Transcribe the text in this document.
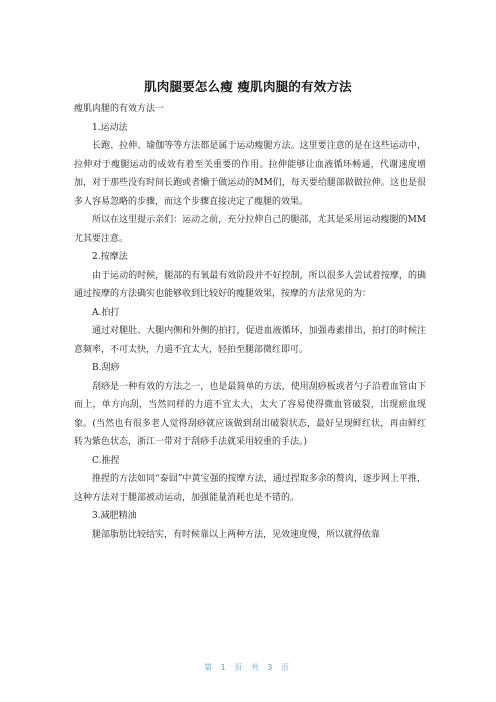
肌肉腿要怎么瘦 瘦肌肉腿的有效方法

瘦肌肉腿的有效方法一

1.运动法

长跑、拉伸、瑜伽等等方法都是属于运动瘦腿方法。这里要注意的是在这些运动中，拉伸对于瘦腿运动的成效有着至关重要的作用。拉伸能够让血液循环畅通，代谢速度增加，对于那些没有时间长跑或者懒于做运动的MM们，每天要给腿部做做拉伸。这也是很多人容易忽略的步骤，而这个步骤直接决定了瘦腿的效果。

所以在这里提示亲们：运动之前，充分拉伸自己的腿部，尤其是采用运动瘦腿的MM尤其要注意。

2.按摩法

由于运动的时候，腿部的有氧最有效阶段并不好控制，所以很多人尝试着按摩，的确通过按摩的方法确实也能够收到比较好的瘦腿效果，按摩的方法常见的为：

A.拍打

通过对腿肚、大腿内侧和外侧的拍打，促进血液循环，加强毒素排出，拍打的时候注意频率，不可太快，力道不宜太大，轻拍至腿部微红即可。

B.刮痧

刮痧是一种有效的方法之一，也是最简单的方法，使用刮痧板或者勺子沿着血管由下而上，单方向刮，当然同样的力道不宜太大，太大了容易使得微血管破裂，出现瘀血现象。(当然也有很多老人觉得刮痧就应该做到刮出破裂状态，最好呈现鲜红状，再由鲜红转为紫色状态，浙江一带对于刮痧手法就采用较重的手法。)

C.推捏

推捏的方法如同“泰囧”中黄宝强的按摩方法，通过捏取多余的赘肉，逐步网上平推，这种方法对于腿部被动运动，加强能量消耗也是不错的。

3.减肥精油

腿部脂肪比较结实，有时候靠以上两种方法，见效速度慢，所以就得依靠

第 1 页 共 3 页
